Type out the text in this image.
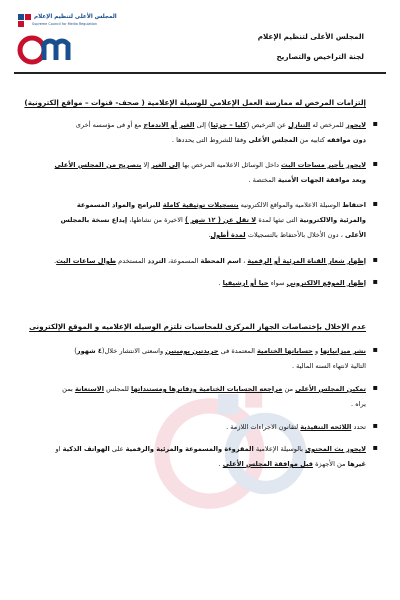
المجلس الأعلى لتنظيم الإعلام
Supreme Council for Media Regulation
المجلس الأعلى لتنظيم الإعلام
لجنة التراخيص والتصاريح
إلتزامات المرخص له ممارسة العمل الإعلامي للوسيلة الإعلامية ( صحف- قنوات – مواقع إلكترونية)
▪
لايجوز للمرخص له التنازل عن الترخيص (كليا – جزئيا) إلى الغير أو الاندماج مع أو فى مؤسسه أخرى
دون موافقه كتابيه من المجلس الأعلى وفقا للشروط التى يحددها .
▪
لايجوز تأجير مساحات البث داخل الوسائل الاعلاميه المرخص بها إلى الغير إلا بتصريح من المجلس الأعلى
وبعد موافقة الجهات الأمنية المختصة .
▪
احتفاظ الوسيلة الاعلاميه والمواقع الالكترونيه بتسجيلات توثيقية كاملة للبرامج والمواد المسموعة
والمرئية والالكترونية التى تبثها لمدة لا تقل عن ( ١٢ شهر ) الاخيرة من نشاطها، إيداع نسخة بالمجلس
الأعلى ، دون الأخلال بالأحتفاظ بالتسجيلات لمدة أطول.
▪
إظهار شعار القناة المرئية أو الرقمية ، اسم المحطة المسموعة، التردد المستخدم طوال ساعات البث.
▪
إظهار الموقع الالكتروني سواء حيا أو ارشيفيا .
عدم الإخلال بإختصاصات الجهاز المركزى للمحاسبات تلتزم الوسيله الإعلاميه و الموقع الإلكترونى
▪
نشر ميزانياتها و حساباتها الختامية المعتمدة فى جريدتين يوميتين واسعتى الانتشار خلال(٤ شهور)
التالية لانتهاء السنه المالية .
▪
تمكين المجلس الأعلى من مراجعه الحسابات الختامية ودفاترها ومستنداتها للمجلس الاستعانة بمن
يراه .
▪
تحدد اللائحه التنفيذية لتقانون الاجراءات اللازمة .
▪
لايجوز بث المحتوى بالوسيلة الإعلامية المقروءة والمسموعة والمرئية والرقمية على الهواتف الذكية او
غيرها من الأجهزة قبل موافقة المجلس الأعلى .
